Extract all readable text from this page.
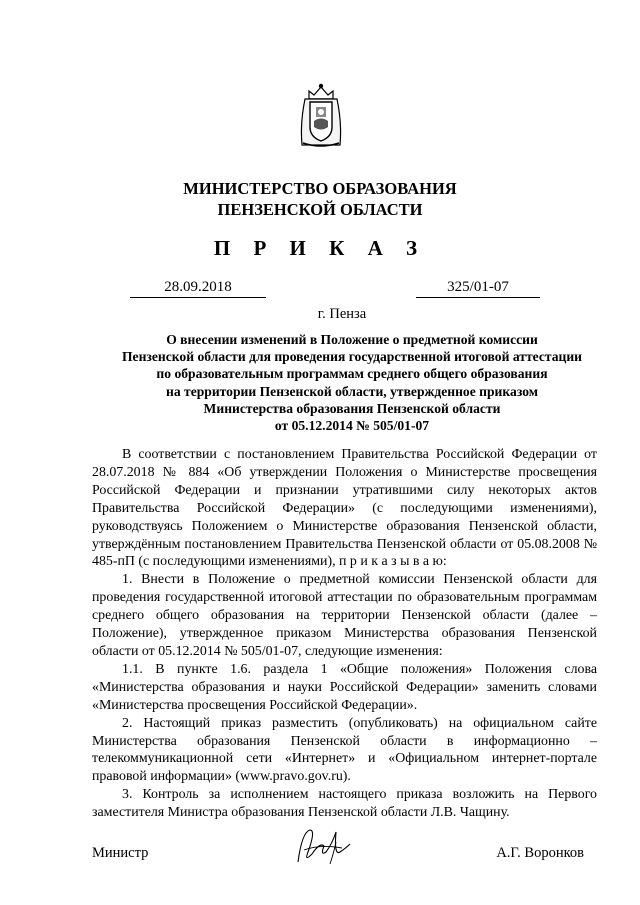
МИНИСТЕРСТВО ОБРАЗОВАНИЯ
ПЕНЗЕНСКОЙ ОБЛАСТИ
П Р И К А З
28.09.2018	325/01-07
г. Пенза
О внесении изменений в Положение о предметной комиссии
Пензенской области для проведения государственной итоговой аттестации
по образовательным программам среднего общего образования
на территории Пензенской области, утвержденное приказом
Министерства образования Пензенской области
от 05.12.2014 № 505/01-07

В соответствии с постановлением Правительства Российской Федерации от 28.07.2018 № 884 «Об утверждении Положения о Министерстве просвещения Российской Федерации и признании утратившими силу некоторых актов Правительства Российской Федерации» (с последующими изменениями), руководствуясь Положением о Министерстве образования Пензенской области, утверждённым постановлением Правительства Пензенской области от 05.08.2008 № 485-пП (с последующими изменениями), п р и к а з ы в а ю:

1. Внести в Положение о предметной комиссии Пензенской области для проведения государственной итоговой аттестации по образовательным программам среднего общего образования на территории Пензенской области (далее – Положение), утвержденное приказом Министерства образования Пензенской области от 05.12.2014 № 505/01-07, следующие изменения:

1.1. В пункте 1.6. раздела 1 «Общие положения» Положения слова «Министерства образования и науки Российской Федерации» заменить словами «Министерства просвещения Российской Федерации».

2. Настоящий приказ разместить (опубликовать) на официальном сайте Министерства образования Пензенской области в информационно – телекоммуникационной сети «Интернет» и «Официальном интернет-портале правовой информации» (www.pravo.gov.ru).

3. Контроль за исполнением настоящего приказа возложить на Первого заместителя Министра образования Пензенской области Л.В. Чащину.

Министр	А.Г. Воронков
